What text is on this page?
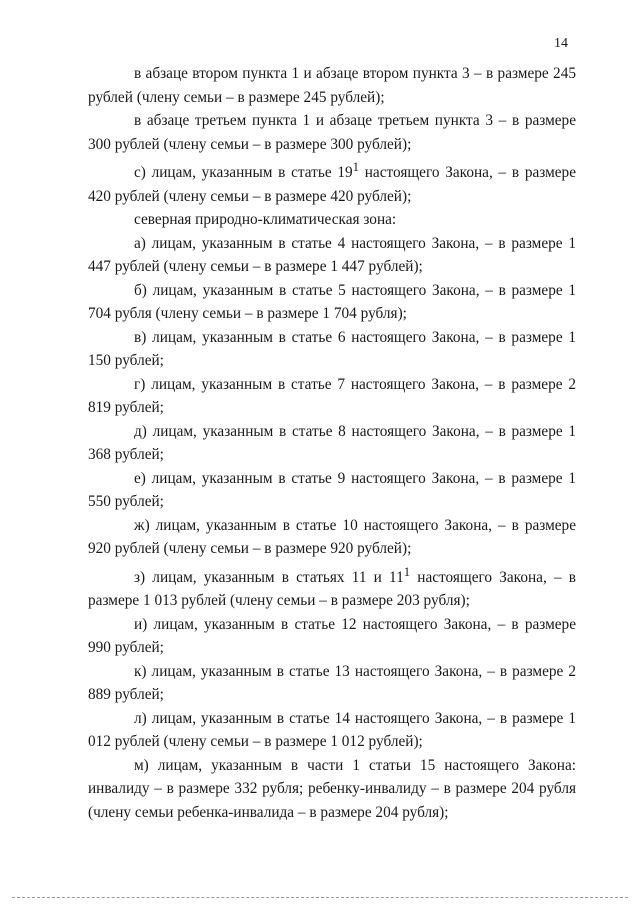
14

в абзаце втором пункта 1 и абзаце втором пункта 3 – в размере 245 рублей (члену семьи – в размере 245 рублей);

в абзаце третьем пункта 1 и абзаце третьем пункта 3 – в размере 300 рублей (члену семьи – в размере 300 рублей);

с) лицам, указанным в статье $19^1$ настоящего Закона, – в размере 420 рублей (члену семьи – в размере 420 рублей);

северная природно-климатическая зона:

а) лицам, указанным в статье 4 настоящего Закона, – в размере 1 447 рублей (члену семьи – в размере 1 447 рублей);

б) лицам, указанным в статье 5 настоящего Закона, – в размере 1 704 рубля (члену семьи – в размере 1 704 рубля);

в) лицам, указанным в статье 6 настоящего Закона, – в размере 1 150 рублей;

г) лицам, указанным в статье 7 настоящего Закона, – в размере 2 819 рублей;

д) лицам, указанным в статье 8 настоящего Закона, – в размере 1 368 рублей;

е) лицам, указанным в статье 9 настоящего Закона, – в размере 1 550 рублей;

ж) лицам, указанным в статье 10 настоящего Закона, – в размере 920 рублей (члену семьи – в размере 920 рублей);

з) лицам, указанным в статьях 11 и $11^1$ настоящего Закона, – в размере 1 013 рублей (члену семьи – в размере 203 рубля);

и) лицам, указанным в статье 12 настоящего Закона, – в размере 990 рублей;

к) лицам, указанным в статье 13 настоящего Закона, – в размере 2 889 рублей;

л) лицам, указанным в статье 14 настоящего Закона, – в размере 1 012 рублей (члену семьи – в размере 1 012 рублей);

м) лицам, указанным в части 1 статьи 15 настоящего Закона: инвалиду – в размере 332 рубля; ребенку-инвалиду – в размере 204 рубля (члену семьи ребенка-инвалида – в размере 204 рубля);
